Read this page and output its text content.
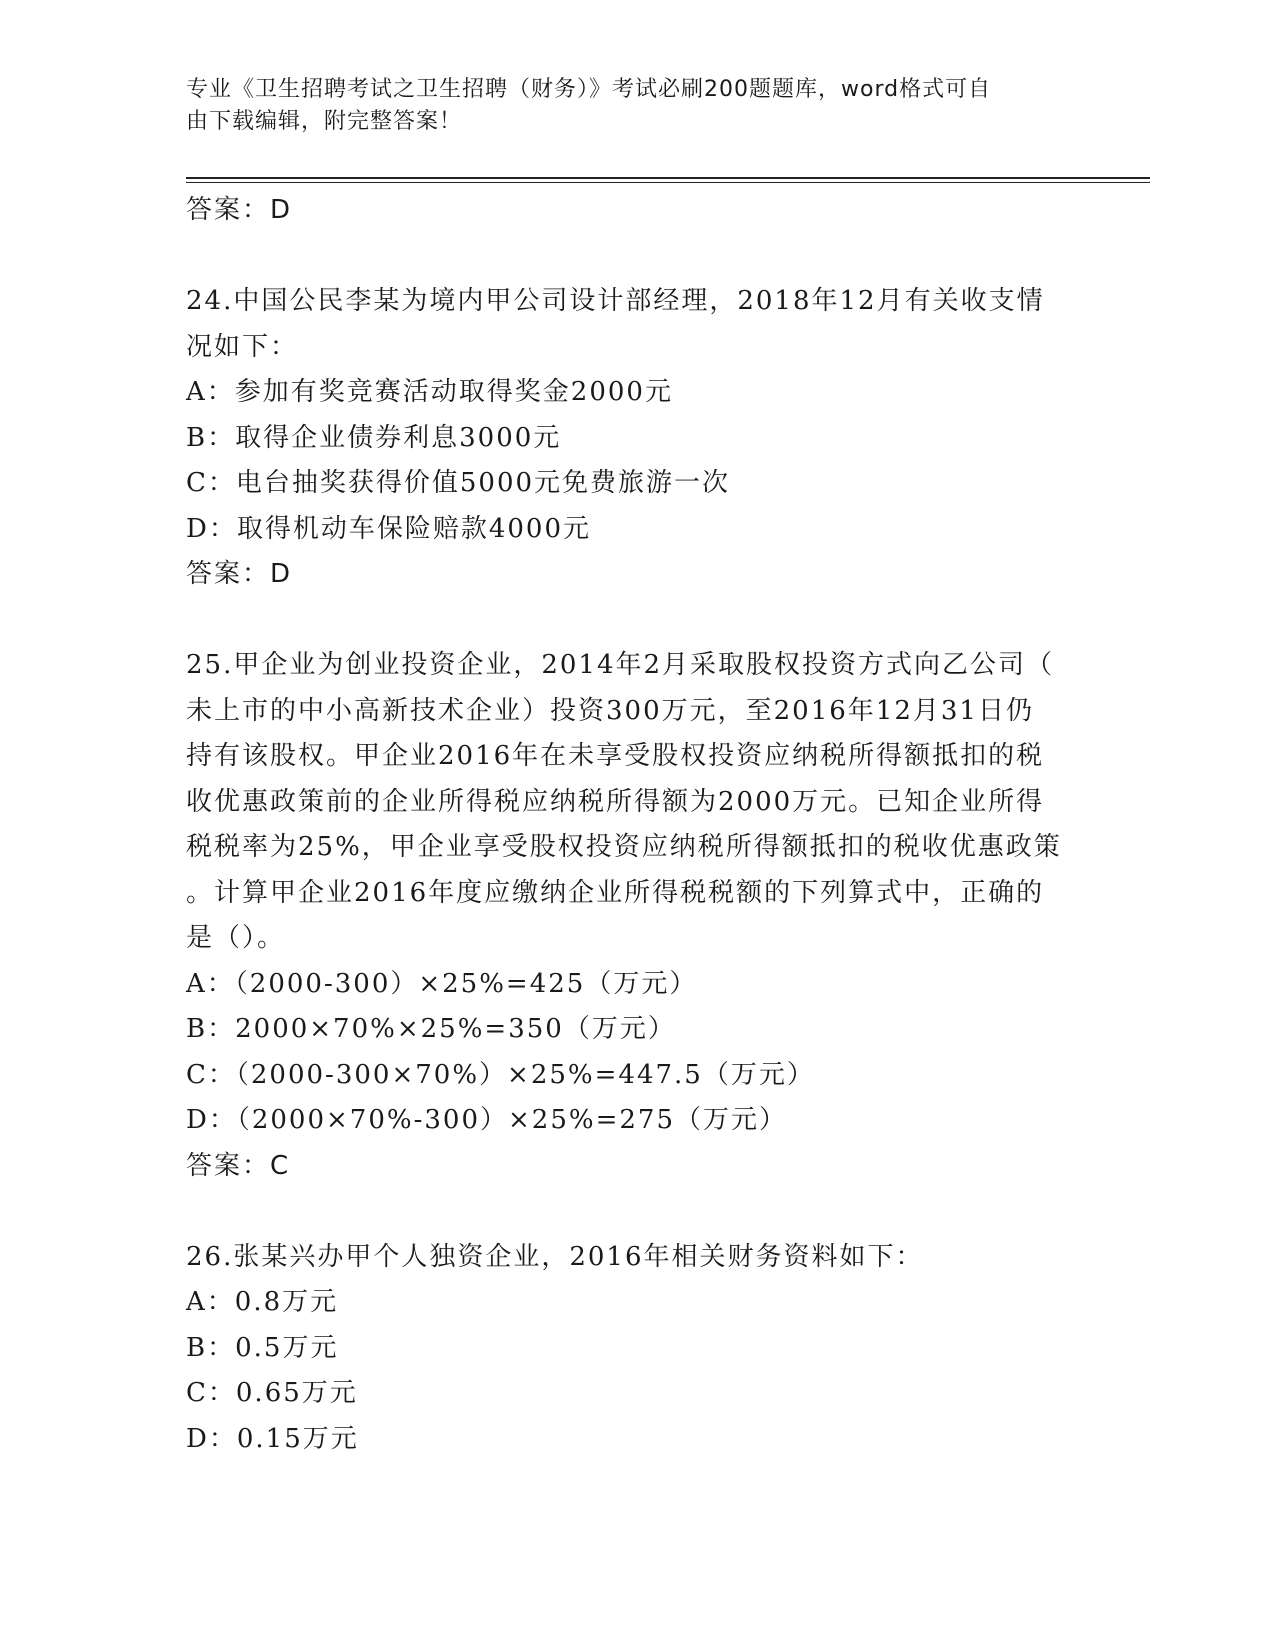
专业《卫生招聘考试之卫生招聘（财务）》考试必刷200题题库，word格式可自
由下载编辑，附完整答案！
答案：D
24.中国公民李某为境内甲公司设计部经理，2018年12月有关收支情
况如下：
A：参加有奖竞赛活动取得奖金2000元
B：取得企业债券利息3000元
C：电台抽奖获得价值5000元免费旅游一次
D：取得机动车保险赔款4000元
答案：D
25.甲企业为创业投资企业，2014年2月采取股权投资方式向乙公司（
未上市的中小高新技术企业）投资300万元，至2016年12月31日仍
持有该股权。甲企业2016年在未享受股权投资应纳税所得额抵扣的税
收优惠政策前的企业所得税应纳税所得额为2000万元。已知企业所得
税税率为25%，甲企业享受股权投资应纳税所得额抵扣的税收优惠政策
。计算甲企业2016年度应缴纳企业所得税税额的下列算式中，正确的
是（）。
A：（2000-300）×25%=425（万元）
B：2000×70%×25%=350（万元）
C：（2000-300×70%）×25%=447.5（万元）
D：（2000×70%-300）×25%=275（万元）
答案：C
26.张某兴办甲个人独资企业，2016年相关财务资料如下：
A：0.8万元
B：0.5万元
C：0.65万元
D：0.15万元
